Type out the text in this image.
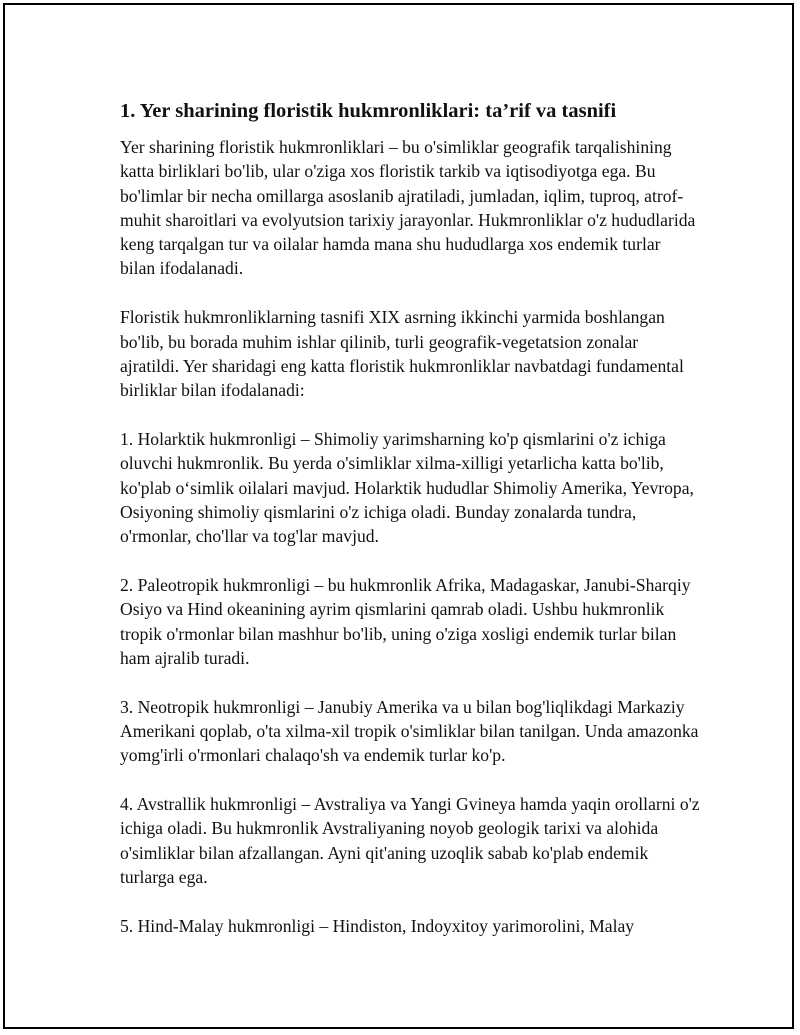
1. Yer sharining floristik hukmronliklari: ta’rif va tasnifi

Yer sharining floristik hukmronliklari – bu o'simliklar geografik tarqalishining katta birliklari bo'lib, ular o'ziga xos floristik tarkib va iqtisodiyotga ega. Bu bo'limlar bir necha omillarga asoslanib ajratiladi, jumladan, iqlim, tuproq, atrof-muhit sharoitlari va evolyutsion tarixiy jarayonlar. Hukmronliklar o'z hududlarida keng tarqalgan tur va oilalar hamda mana shu hududlarga xos endemik turlar bilan ifodalanadi.

Floristik hukmronliklarning tasnifi XIX asrning ikkinchi yarmida boshlangan bo'lib, bu borada muhim ishlar qilinib, turli geografik-vegetatsion zonalar ajratildi. Yer sharidagi eng katta floristik hukmronliklar navbatdagi fundamental birliklar bilan ifodalanadi:

1. Holarktik hukmronligi – Shimoliy yarimsharning ko'p qismlarini o'z ichiga oluvchi hukmronlik. Bu yerda o'simliklar xilma-xilligi yetarlicha katta bo'lib, ko'plab o‘simlik oilalari mavjud. Holarktik hududlar Shimoliy Amerika, Yevropa, Osiyoning shimoliy qismlarini o'z ichiga oladi. Bunday zonalarda tundra, o'rmonlar, cho'llar va tog'lar mavjud.

2. Paleotropik hukmronligi – bu hukmronlik Afrika, Madagaskar, Janubi-Sharqiy Osiyo va Hind okeanining ayrim qismlarini qamrab oladi. Ushbu hukmronlik tropik o'rmonlar bilan mashhur bo'lib, uning o'ziga xosligi endemik turlar bilan ham ajralib turadi.

3. Neotropik hukmronligi – Janubiy Amerika va u bilan bog'liqlikdagi Markaziy Amerikani qoplab, o'ta xilma-xil tropik o'simliklar bilan tanilgan. Unda amazonka yomg'irli o'rmonlari chalaqo'sh va endemik turlar ko'p.

4. Avstrallik hukmronligi – Avstraliya va Yangi Gvineya hamda yaqin orollarni o'z ichiga oladi. Bu hukmronlik Avstraliyaning noyob geologik tarixi va alohida o'simliklar bilan afzallangan. Ayni qit'aning uzoqlik sabab ko'plab endemik turlarga ega.

5. Hind-Malay hukmronligi – Hindiston, Indoyxitoy yarimorolini, Malay
